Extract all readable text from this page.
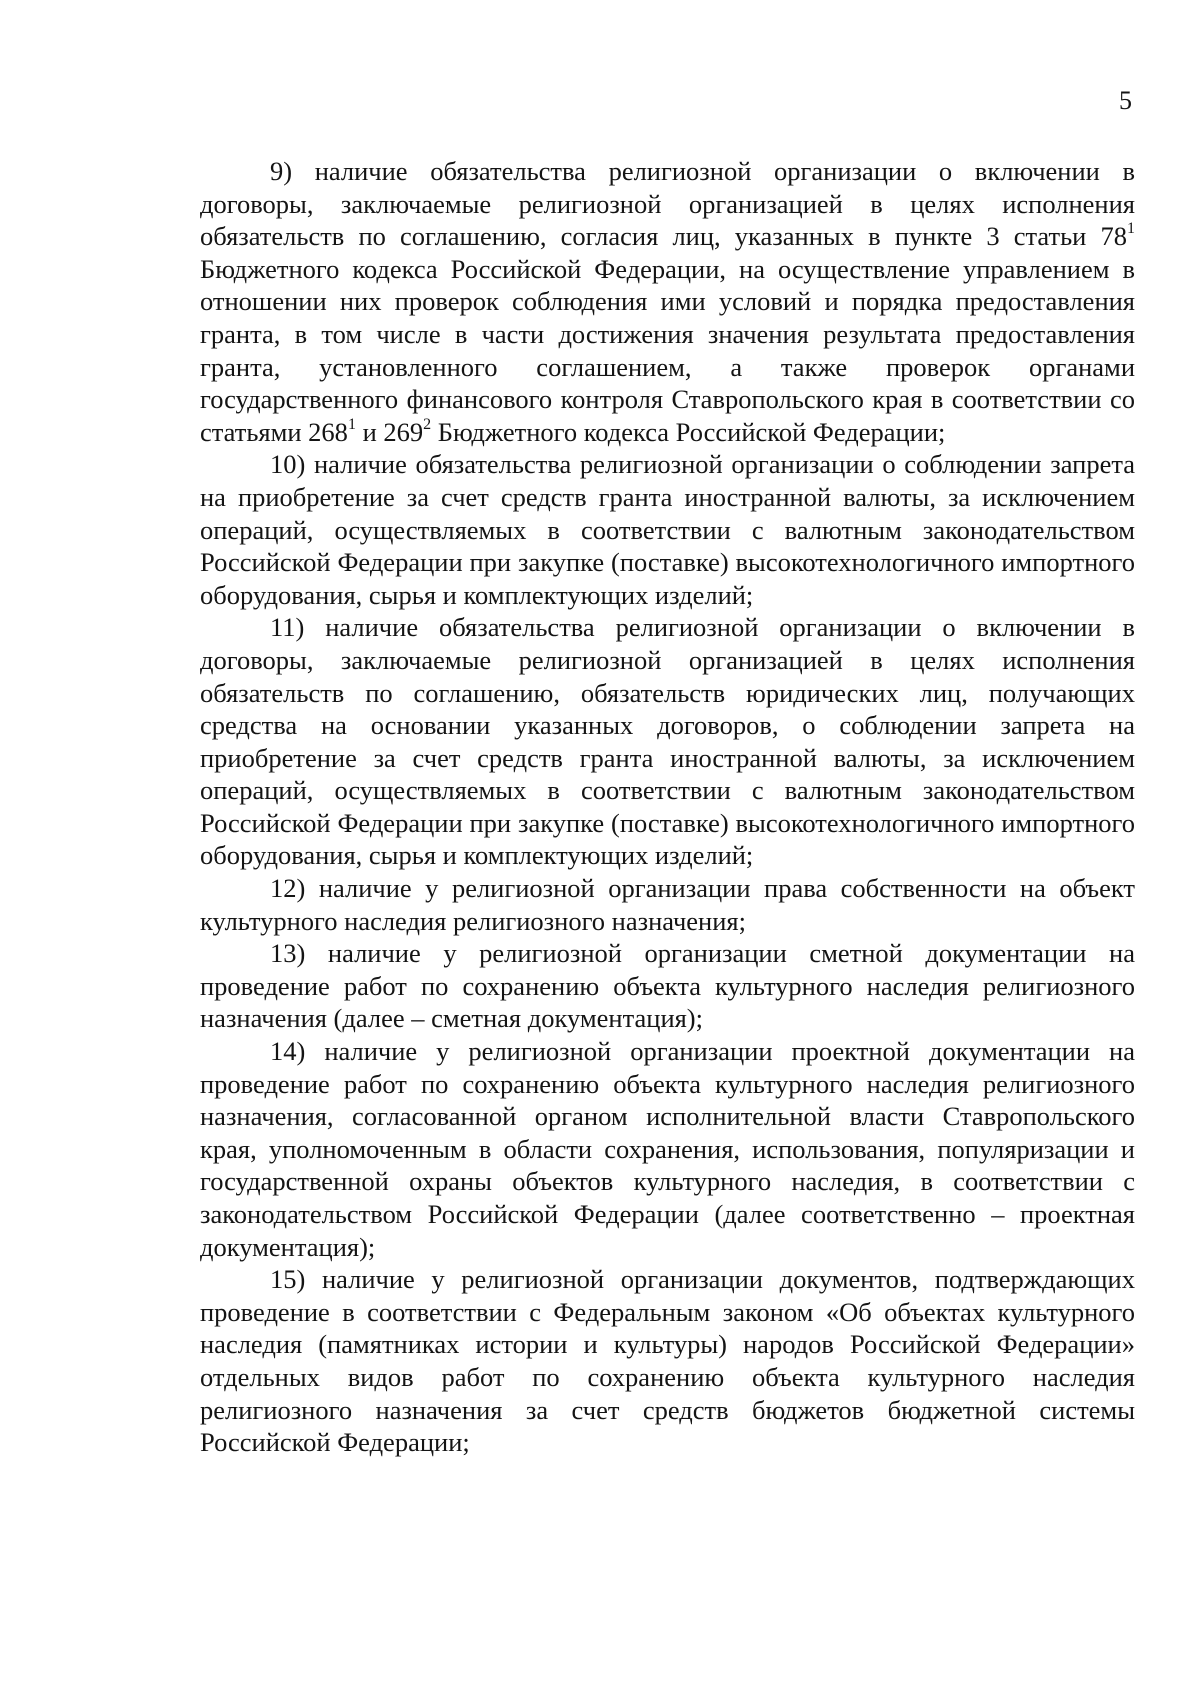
5

9) наличие обязательства религиозной организации о включении в договоры, заключаемые религиозной организацией в целях исполнения обязательств по соглашению, согласия лиц, указанных в пункте 3 статьи $78^1$ Бюджетного кодекса Российской Федерации, на осуществление управлением в отношении них проверок соблюдения ими условий и порядка предоставления гранта, в том числе в части достижения значения результата предоставления гранта, установленного соглашением, а также проверок органами государственного финансового контроля Ставропольского края в соответствии со статьями $268^1$ и $269^2$ Бюджетного кодекса Российской Федерации;

10) наличие обязательства религиозной организации о соблюдении запрета на приобретение за счет средств гранта иностранной валюты, за исключением операций, осуществляемых в соответствии с валютным законодательством Российской Федерации при закупке (поставке) высокотехнологичного импортного оборудования, сырья и комплектующих изделий;

11) наличие обязательства религиозной организации о включении в договоры, заключаемые религиозной организацией в целях исполнения обязательств по соглашению, обязательств юридических лиц, получающих средства на основании указанных договоров, о соблюдении запрета на приобретение за счет средств гранта иностранной валюты, за исключением операций, осуществляемых в соответствии с валютным законодательством Российской Федерации при закупке (поставке) высокотехнологичного импортного оборудования, сырья и комплектующих изделий;

12) наличие у религиозной организации права собственности на объект культурного наследия религиозного назначения;

13) наличие у религиозной организации сметной документации на проведение работ по сохранению объекта культурного наследия религиозного назначения (далее – сметная документация);

14) наличие у религиозной организации проектной документации на проведение работ по сохранению объекта культурного наследия религиозного назначения, согласованной органом исполнительной власти Ставропольского края, уполномоченным в области сохранения, использования, популяризации и государственной охраны объектов культурного наследия, в соответствии с законодательством Российской Федерации (далее соответственно – проектная документация);

15) наличие у религиозной организации документов, подтверждающих проведение в соответствии с Федеральным законом «Об объектах культурного наследия (памятниках истории и культуры) народов Российской Федерации» отдельных видов работ по сохранению объекта культурного наследия религиозного назначения за счет средств бюджетов бюджетной системы Российской Федерации;
